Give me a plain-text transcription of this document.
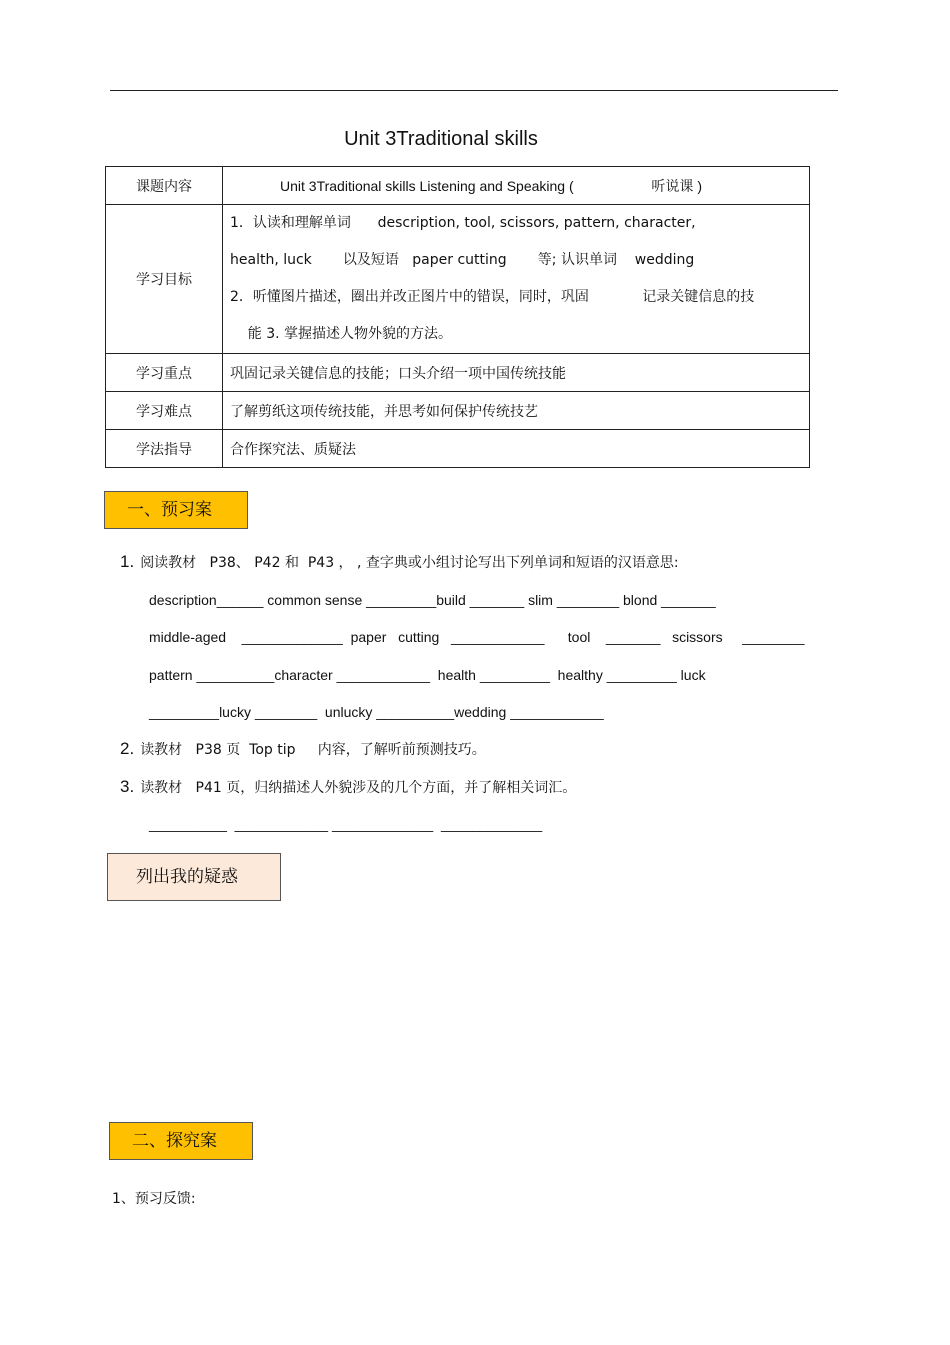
Unit 3Traditional skills
课题内容	Unit 3Traditional skills Listening and Speaking (                    听说课 )
学习目标	1．认读和理解单词      description, tool, scissors, pattern, character,
health, luck       以及短语   paper cutting       等; 认识单词    wedding
2．听懂图片描述，圈出并改正图片中的错误，同时，巩固            记录关键信息的技
能 3. 掌握描述人物外貌的方法。

学习重点	巩固记录关键信息的技能；口头介绍一项中国传统技能
学习难点	了解剪纸这项传统技能，并思考如何保护传统技艺
学法指导	合作探究法、质疑法
一、预习案
1. 阅读教材   P38、 P42 和  P43 ， , 查字典或小组讨论写出下列单词和短语的汉语意思:
description______ common sense _________build _______ slim ________ blond _______
middle-aged    _____________  paper   cutting   ____________      tool    _______   scissors     ________
pattern __________character ____________  health _________  healthy _________ luck
_________lucky ________  unlucky __________wedding ____________
2. 读教材   P38 页  Top tip     内容，了解听前预测技巧。
3. 读教材   P41 页，归纳描述人外貌涉及的几个方面，并了解相关词汇。
__________  ____________ _____________  _____________
列出我的疑惑
二、探究案
1、预习反馈:
